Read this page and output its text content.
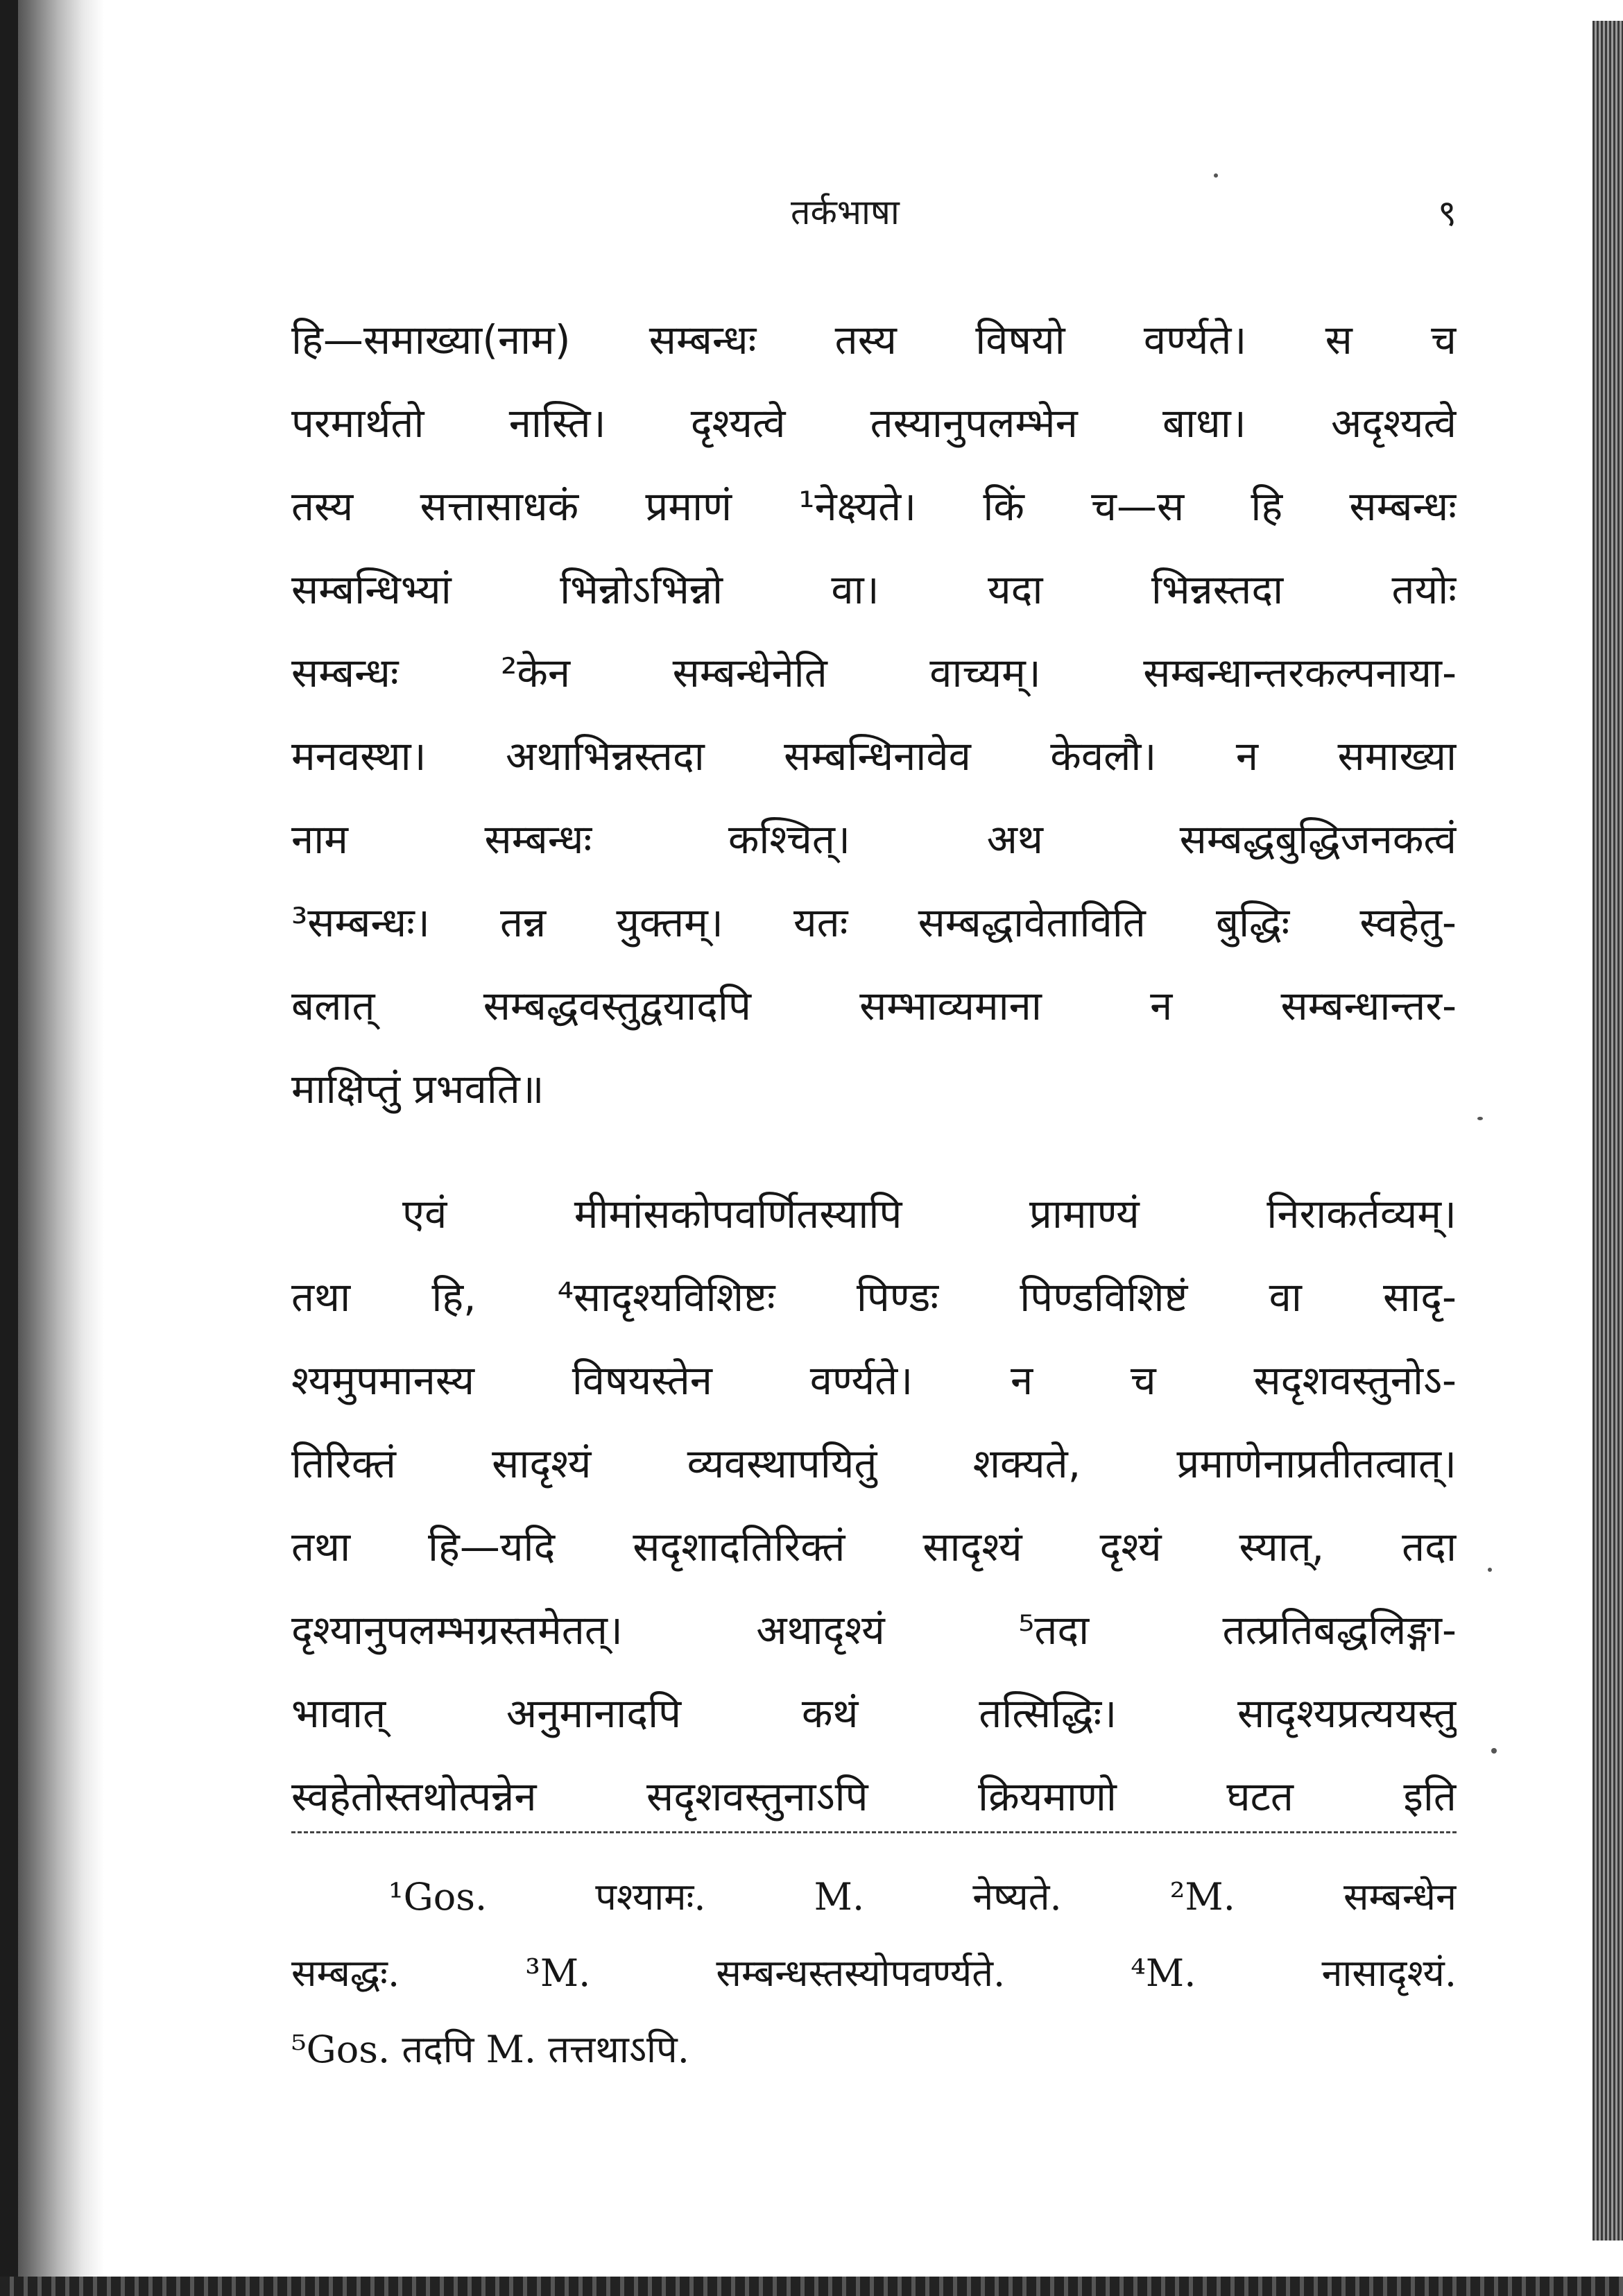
तर्कभाषा	९
हि—समाख्या(नाम) सम्बन्धः तस्य विषयो वर्ण्यते। स च
परमार्थतो नास्ति। दृश्यत्वे तस्यानुपलम्भेन बाधा। अदृश्यत्वे
तस्य सत्तासाधकं प्रमाणं ¹नेक्ष्यते। किं च—स हि सम्बन्धः
सम्बन्धिभ्यां भिन्नोऽभिन्नो वा। यदा भिन्नस्तदा तयोः
सम्बन्धः ²केन सम्बन्धेनेति वाच्यम्। सम्बन्धान्तरकल्पनाया-
मनवस्था। अथाभिन्नस्तदा सम्बन्धिनावेव केवलौ। न समाख्या
नाम सम्बन्धः कश्चित्। अथ सम्बद्धबुद्धिजनकत्वं
³सम्बन्धः। तन्न युक्तम्। यतः सम्बद्धावेताविति बुद्धिः स्वहेतु-
बलात् सम्बद्धवस्तुद्वयादपि सम्भाव्यमाना न सम्बन्धान्तर-
माक्षिप्तुं प्रभवति॥
एवं मीमांसकोपवर्णितस्यापि प्रामाण्यं निराकर्तव्यम्।
तथा हि, ⁴सादृश्यविशिष्टः पिण्डः पिण्डविशिष्टं वा सादृ-
श्यमुपमानस्य विषयस्तेन वर्ण्यते। न च सदृशवस्तुनोऽ-
तिरिक्तं सादृश्यं व्यवस्थापयितुं शक्यते, प्रमाणेनाप्रतीतत्वात्।
तथा हि—यदि सदृशादतिरिक्तं सादृश्यं दृश्यं स्यात्, तदा
दृश्यानुपलम्भग्रस्तमेतत्। अथादृश्यं ⁵तदा तत्प्रतिबद्धलिङ्गा-
भावात् अनुमानादपि कथं तत्सिद्धिः। सादृश्यप्रत्ययस्तु
स्वहेतोस्तथोत्पन्नेन सदृशवस्तुनाऽपि क्रियमाणो घटत इति
¹Gos. पश्यामः. M. नेष्यते. ²M. सम्बन्धेन
सम्बद्धः. ³M. सम्बन्धस्तस्योपवर्ण्यते. ⁴M. नासादृश्यं.
⁵Gos. तदपि M. तत्तथाऽपि.
